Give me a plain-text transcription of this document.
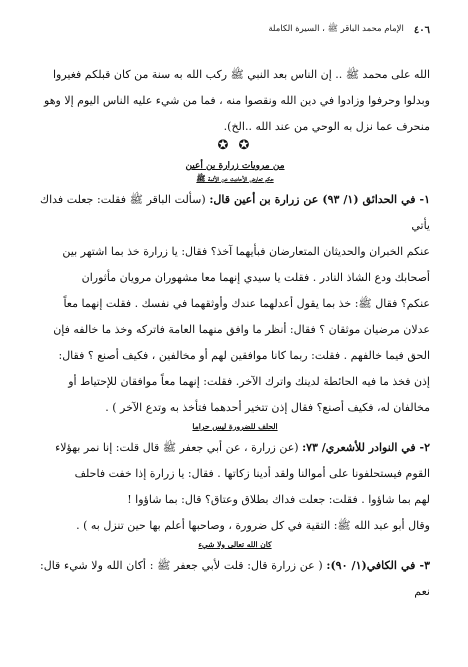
٤٠٦
الإمام محمد الباقر ﷺ ، السيرة الكاملة

الله على محمد ﷺ .. إن الناس بعد النبي ﷺ ركب الله به سنة من كان قبلكم فغيروا
وبدلوا وحرفوا وزادوا في دين الله ونقصوا منه ، فما من شيء عليه الناس اليوم إلا وهو
منحرف عما نزل به الوحي من عند الله ..الخ).

✪ ✪
من مرويات زرارة بن أعين
حكم تعارض الأحاديث عن الأئمة ﷺ

١- في الحدائق (١/ ٩٣) عن زرارة بن أعين قال: (سألت الباقر ﷺ فقلت: جعلت فداك يأتي
عنكم الخبران والحديثان المتعارضان فبأيهما آخذ؟ فقال: يا زرارة خذ بما اشتهر بين
أصحابك ودع الشاذ النادر . فقلت يا سيدي إنهما معا مشهوران مرويان مأثوران
عنكم؟ فقال ﷺ: خذ بما يقول أعدلهما عندك وأوثقهما في نفسك . فقلت إنهما معاً
عدلان مرضيان موثقان ؟ فقال: أنظر ما وافق منهما العامة فاتركه وخذ ما خالفه فإن
الحق فيما خالفهم . فقلت: ربما كانا موافقين لهم أو مخالفين ، فكيف أصنع ؟ فقال:
إذن فخذ ما فيه الحائطة لدينك واترك الآخر. فقلت: إنهما معاً موافقان للإحتياط أو
مخالفان له، فكيف أصنع؟ فقال إذن تتخير أحدهما فتأخذ به وتدع الآخر ) .

الحلف للضرورة ليس حراما

٢- في النوادر للأشعري/ ٧٣: (عن زرارة ، عن أبي جعفر ﷺ قال قلت: إنا نمر بهؤلاء
القوم فيستحلفونا على أموالنا ولقد أدينا زكاتها . فقال: يا زرارة إذا خفت فاحلف
لهم بما شاؤوا . فقلت: جعلت فداك بطلاق وعتاق؟ قال: بما شاؤوا !
وقال أبو عبد الله ﷺ: التقية في كل ضرورة ، وصاحبها أعلم بها حين تنزل به ) .

كان الله تعالى ولا شيء

٣- في الكافي(١/ ٩٠): ( عن زرارة قال: قلت لأبي جعفر ﷺ : أكان الله ولا شيء قال: نعم
